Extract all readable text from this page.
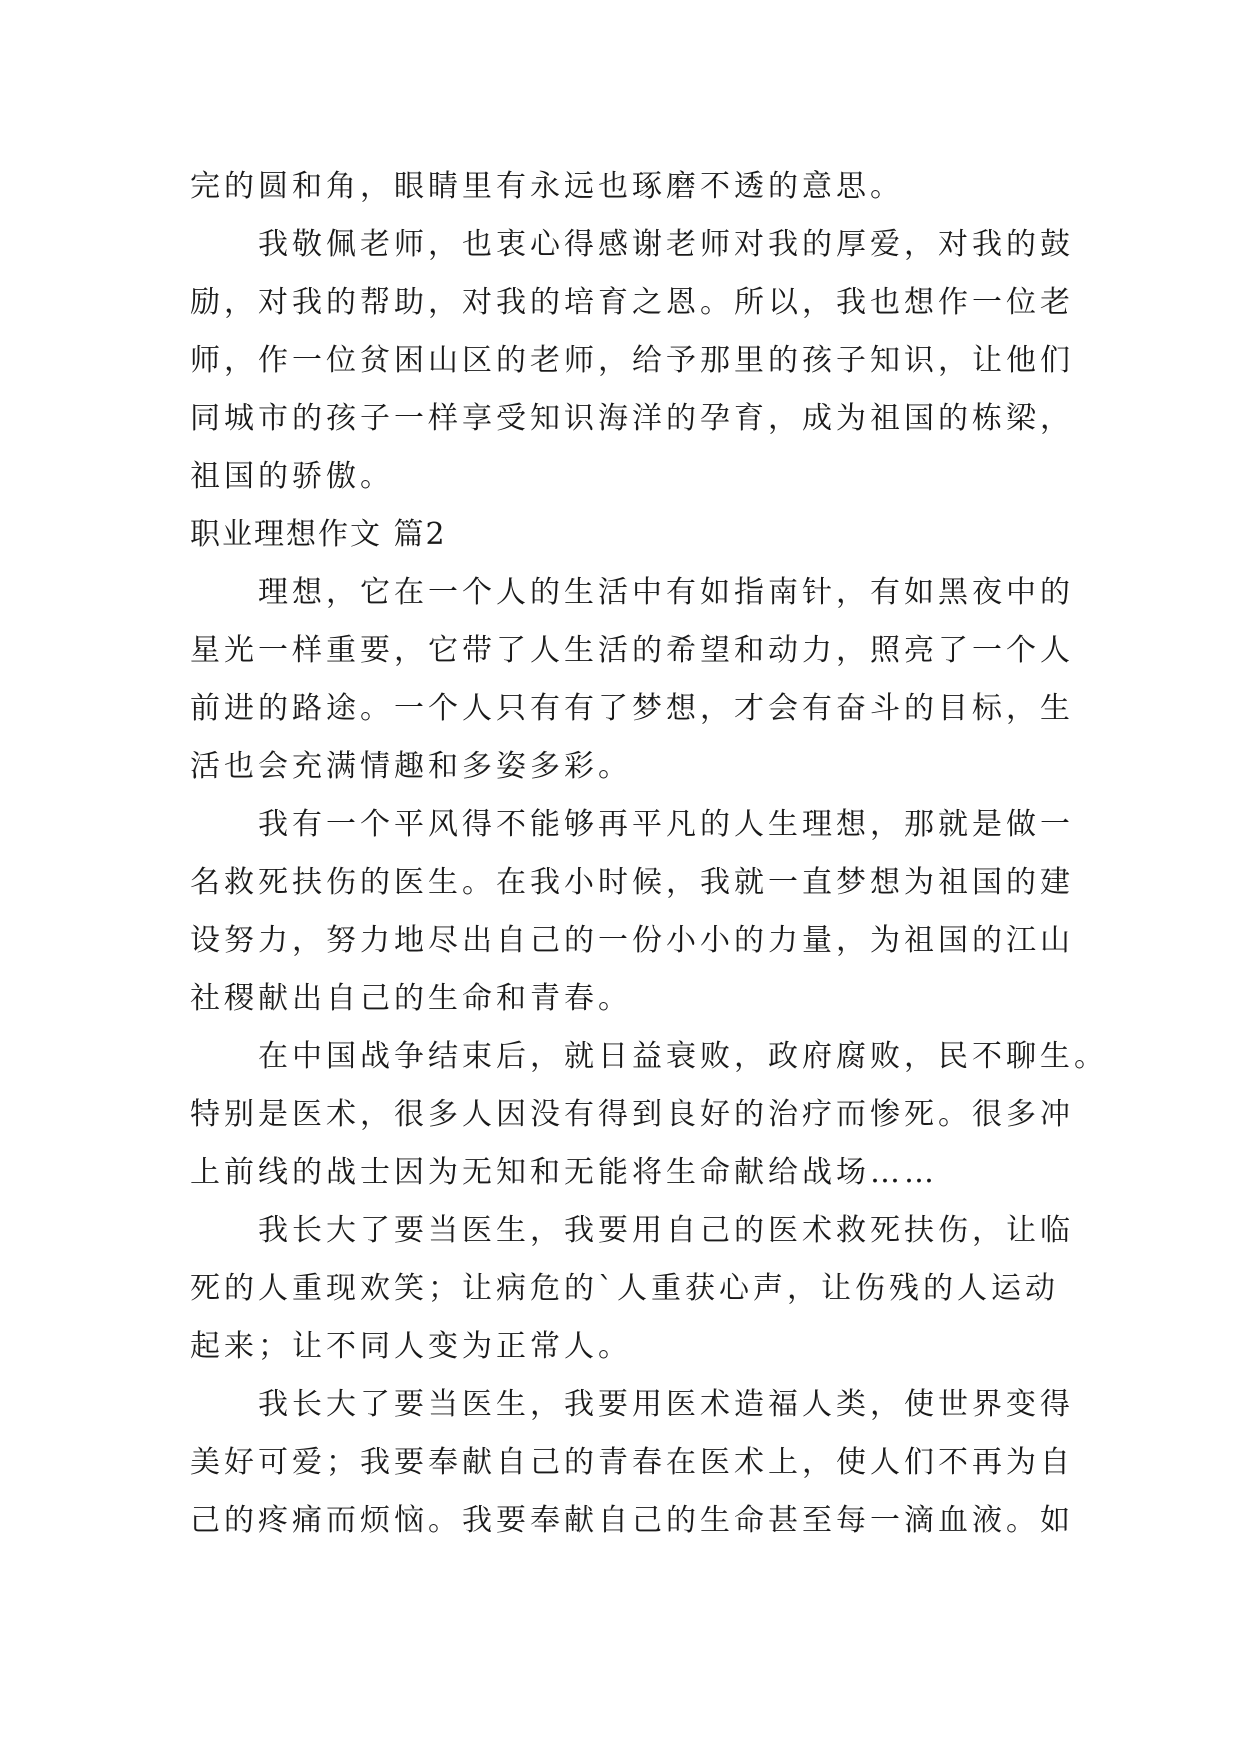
完的圆和角，眼睛里有永远也琢磨不透的意思。
我敬佩老师，也衷心得感谢老师对我的厚爱，对我的鼓
励，对我的帮助，对我的培育之恩。所以，我也想作一位老
师，作一位贫困山区的老师，给予那里的孩子知识，让他们
同城市的孩子一样享受知识海洋的孕育，成为祖国的栋梁，
祖国的骄傲。
职业理想作文 篇2
理想，它在一个人的生活中有如指南针，有如黑夜中的
星光一样重要，它带了人生活的希望和动力，照亮了一个人
前进的路途。一个人只有有了梦想，才会有奋斗的目标，生
活也会充满情趣和多姿多彩。
我有一个平风得不能够再平凡的人生理想，那就是做一
名救死扶伤的医生。在我小时候，我就一直梦想为祖国的建
设努力，努力地尽出自己的一份小小的力量，为祖国的江山
社稷献出自己的生命和青春。
在中国战争结束后，就日益衰败，政府腐败，民不聊生。
特别是医术，很多人因没有得到良好的治疗而惨死。很多冲
上前线的战士因为无知和无能将生命献给战场……
我长大了要当医生，我要用自己的医术救死扶伤，让临
死的人重现欢笑；让病危的`人重获心声，让伤残的人运动
起来；让不同人变为正常人。
我长大了要当医生，我要用医术造福人类，使世界变得
美好可爱；我要奉献自己的青春在医术上，使人们不再为自
己的疼痛而烦恼。我要奉献自己的生命甚至每一滴血液。如
